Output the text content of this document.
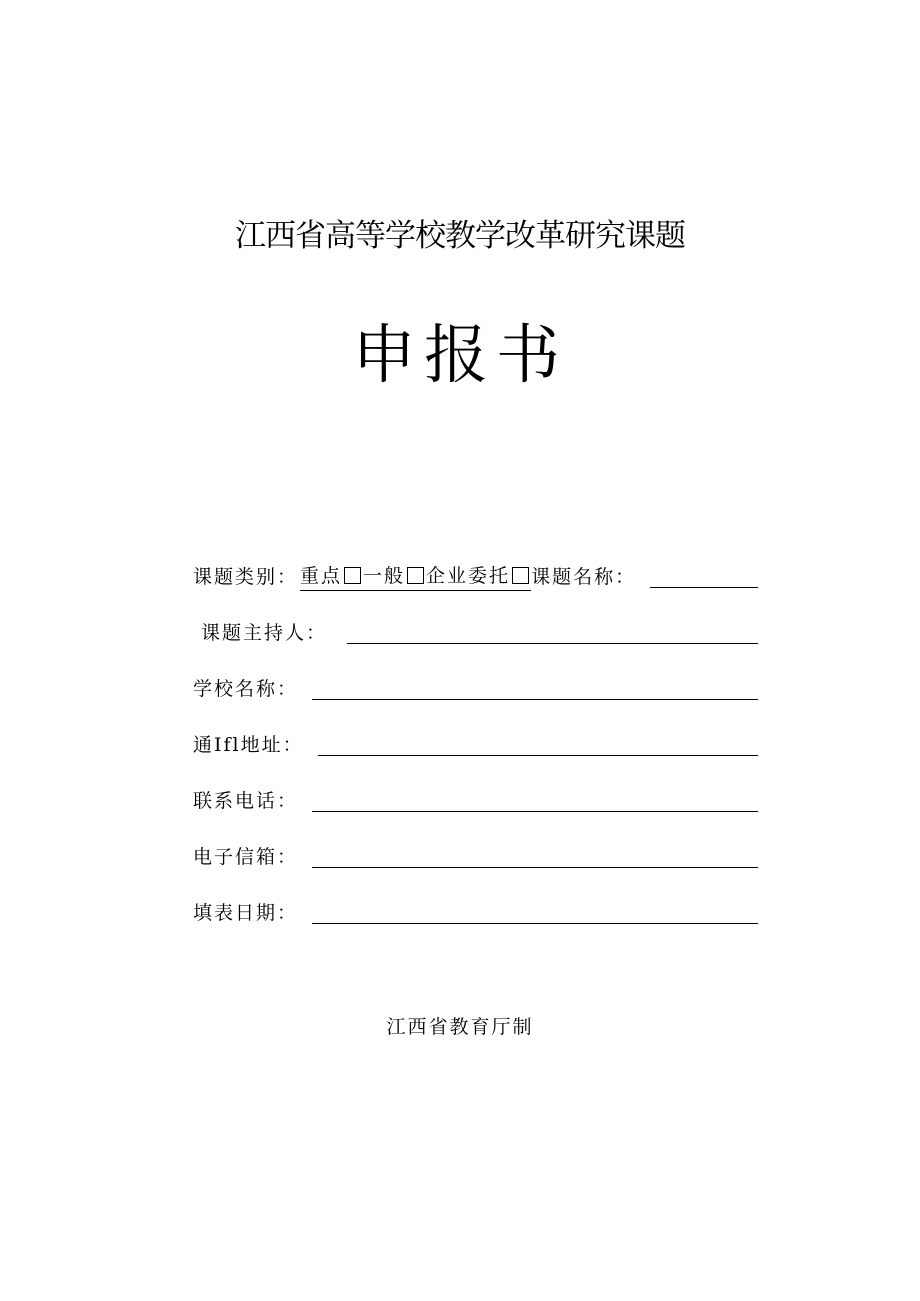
江西省高等学校教学改革研究课题
申报书
课题类别： 重点 一般 企业委托	课题名称：
课题主持人：
学校名称：
通Ifl地址：
联系电话：
电子信箱：
填表日期：
江西省教育厅制
